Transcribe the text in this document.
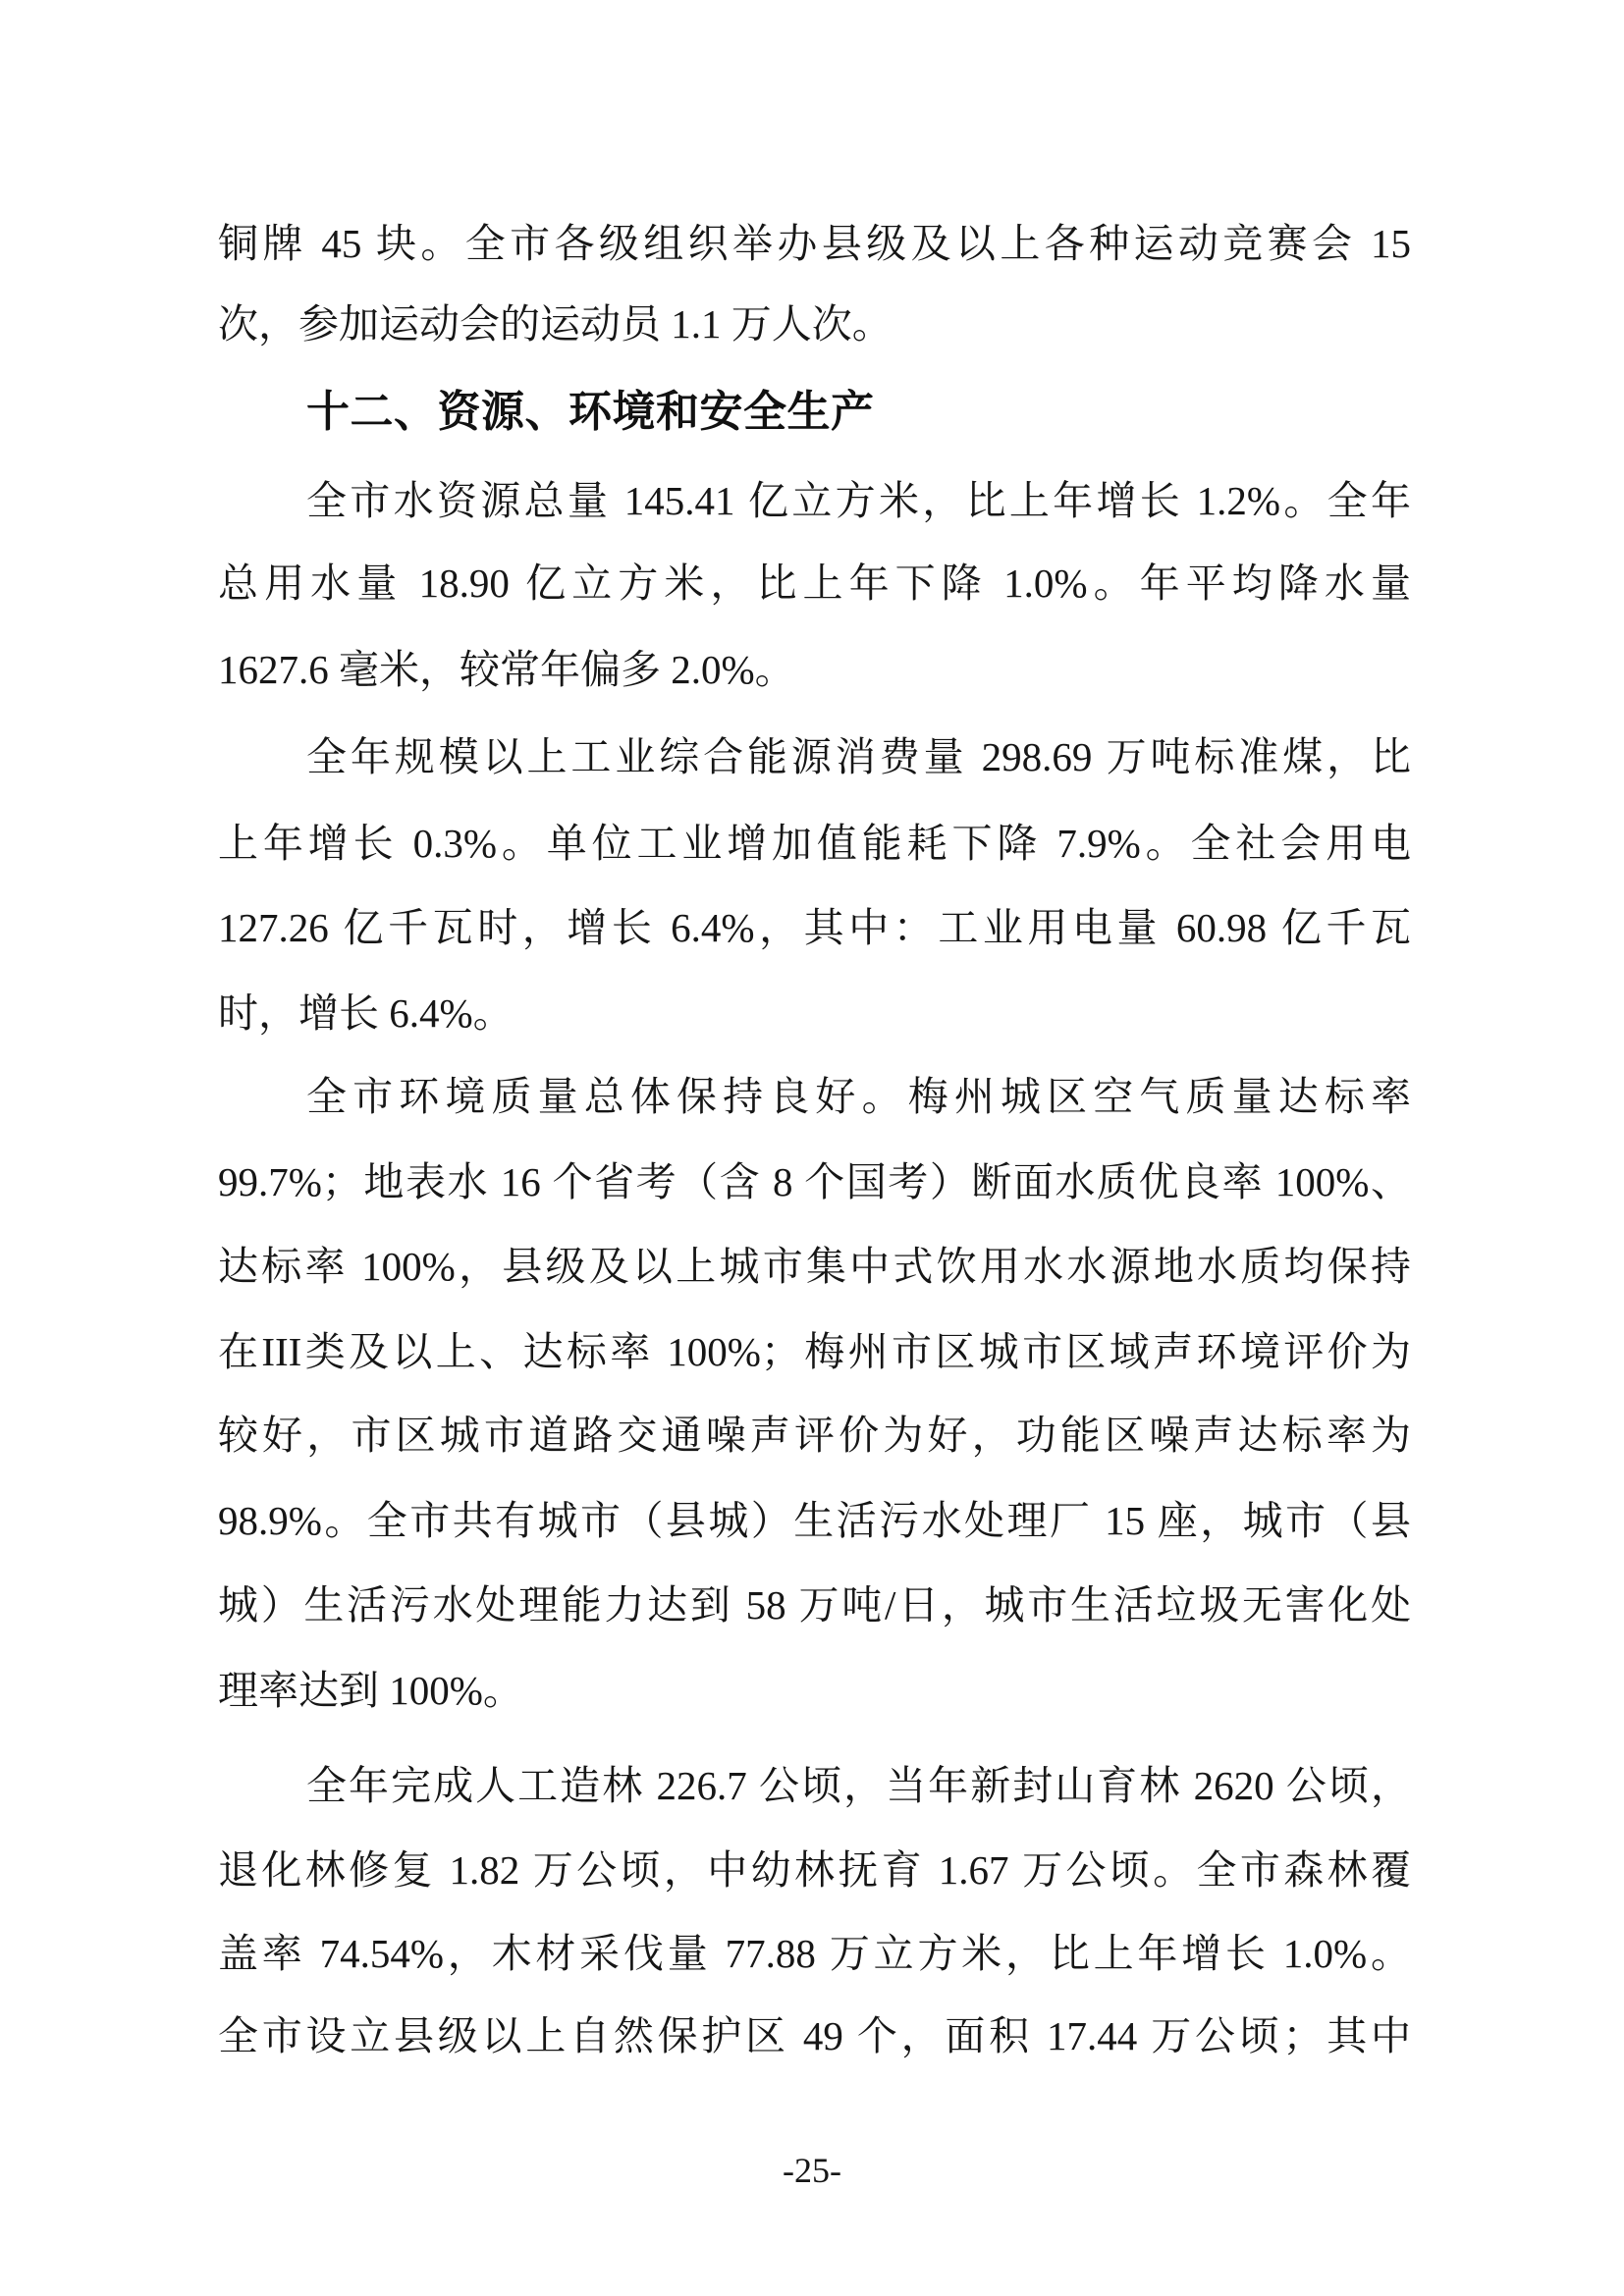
铜牌 45 块。全市各级组织举办县级及以上各种运动竞赛会 15
次，参加运动会的运动员 1.1 万人次。
十二、资源、环境和安全生产
全市水资源总量 145.41 亿立方米，比上年增长 1.2%。全年
总用水量 18.90 亿立方米，比上年下降 1.0%。年平均降水量
1627.6 毫米，较常年偏多 2.0%。
全年规模以上工业综合能源消费量 298.69 万吨标准煤，比
上年增长 0.3%。单位工业增加值能耗下降 7.9%。全社会用电
127.26 亿千瓦时，增长 6.4%，其中：工业用电量 60.98 亿千瓦
时，增长 6.4%。
全市环境质量总体保持良好。梅州城区空气质量达标率
99.7%；地表水 16 个省考（含 8 个国考）断面水质优良率 100%、
达标率 100%，县级及以上城市集中式饮用水水源地水质均保持
在III类及以上、达标率 100%；梅州市区城市区域声环境评价为
较好，市区城市道路交通噪声评价为好，功能区噪声达标率为
98.9%。全市共有城市（县城）生活污水处理厂 15 座，城市（县
城）生活污水处理能力达到 58 万吨/日，城市生活垃圾无害化处
理率达到 100%。
全年完成人工造林 226.7 公顷，当年新封山育林 2620 公顷，
退化林修复 1.82 万公顷，中幼林抚育 1.67 万公顷。全市森林覆
盖率 74.54%，木材采伐量 77.88 万立方米，比上年增长 1.0%。
全市设立县级以上自然保护区 49 个，面积 17.44 万公顷；其中
-25-
